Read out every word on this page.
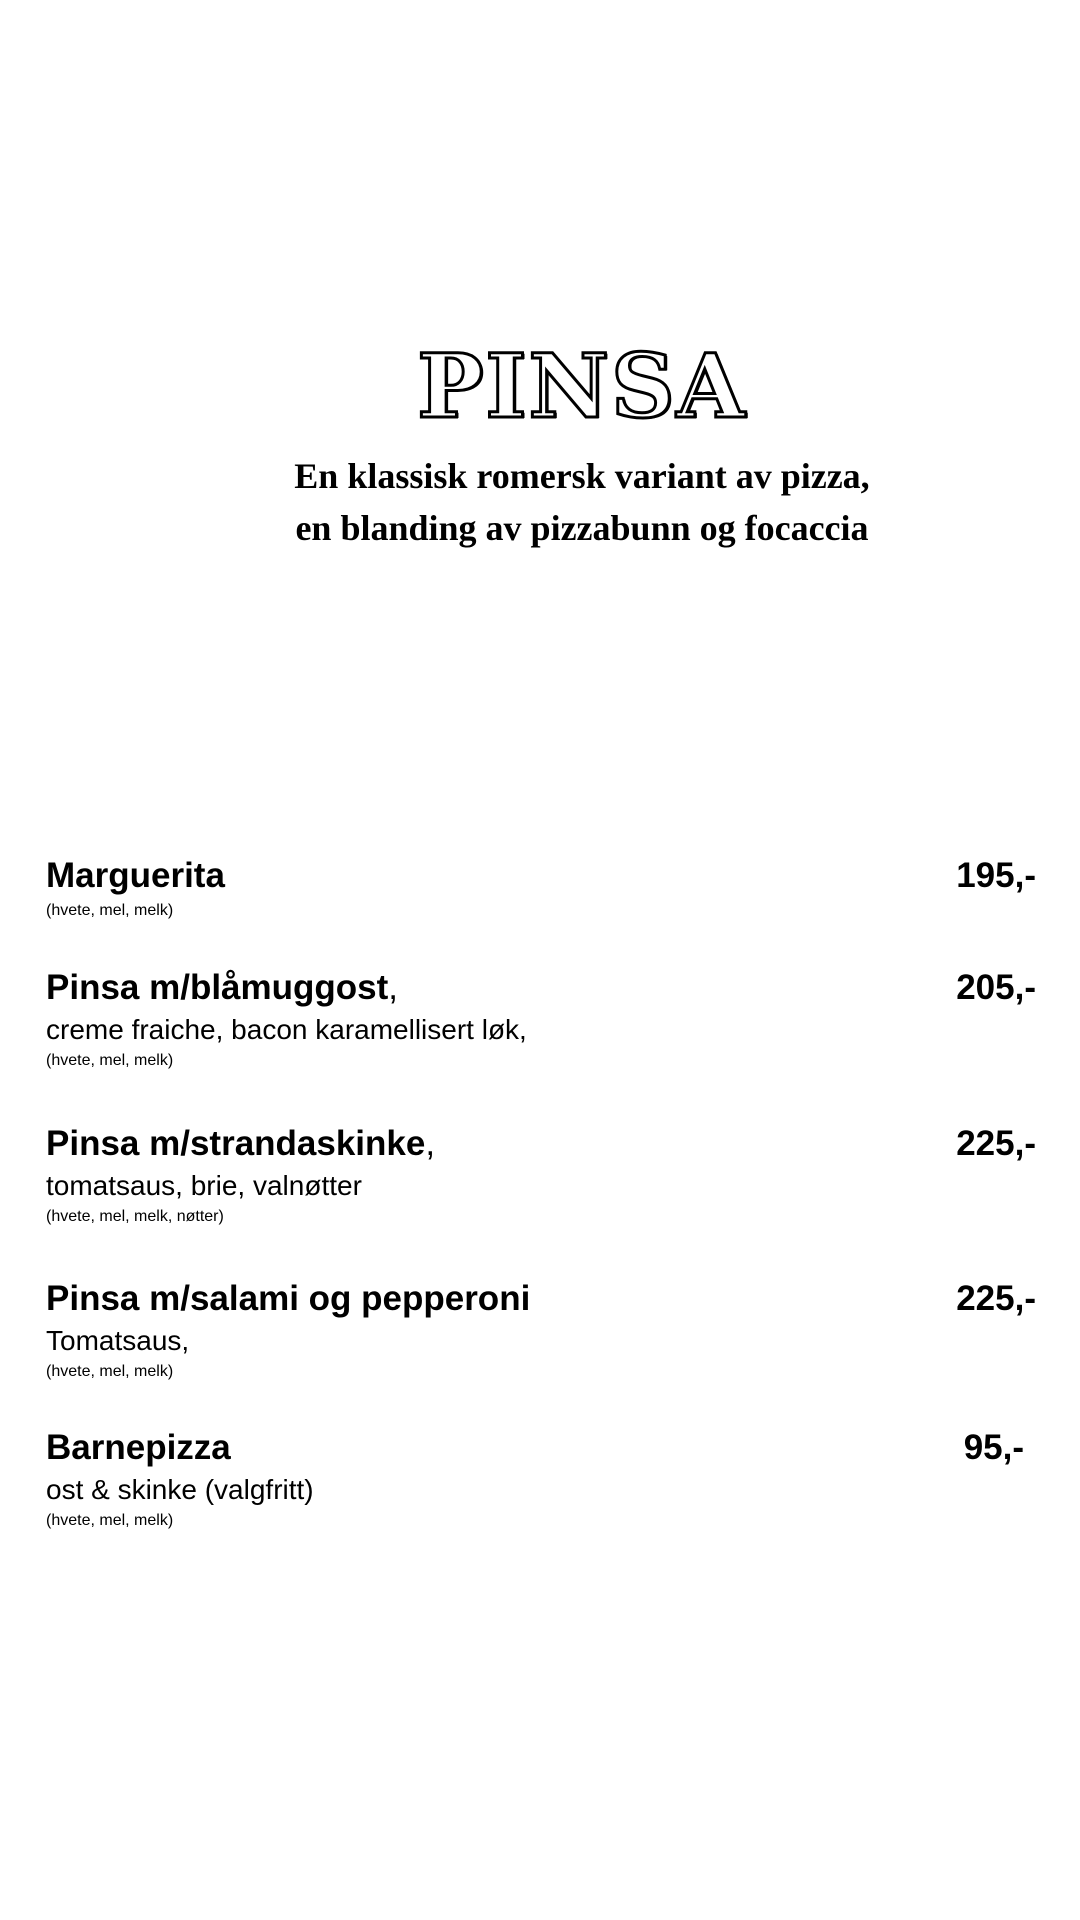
PINSA
En klassisk romersk variant av pizza,
en blanding av pizzabunn og focaccia
Marguerita
(hvete, mel, melk)
195,-
Pinsa m/blåmuggost,
creme fraiche, bacon karamellisert løk,
(hvete, mel, melk)
205,-
Pinsa m/strandaskinke,
tomatsaus, brie, valnøtter
(hvete, mel, melk, nøtter)
225,-
Pinsa m/salami og pepperoni
Tomatsaus,
(hvete, mel, melk)
225,-
Barnepizza
ost & skinke (valgfritt)
(hvete, mel, melk)
95,-
